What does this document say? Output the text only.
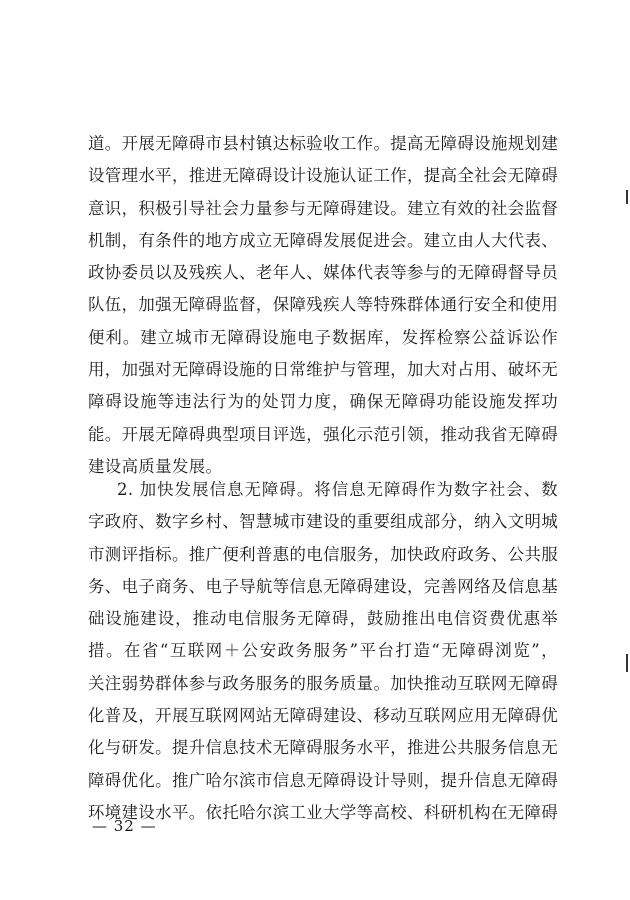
道。开展无障碍市县村镇达标验收工作。提高无障碍设施规划建
设管理水平，推进无障碍设计设施认证工作，提高全社会无障碍
意识，积极引导社会力量参与无障碍建设。建立有效的社会监督
机制，有条件的地方成立无障碍发展促进会。建立由人大代表、
政协委员以及残疾人、老年人、媒体代表等参与的无障碍督导员
队伍，加强无障碍监督，保障残疾人等特殊群体通行安全和使用
便利。建立城市无障碍设施电子数据库，发挥检察公益诉讼作
用，加强对无障碍设施的日常维护与管理，加大对占用、破坏无
障碍设施等违法行为的处罚力度，确保无障碍功能设施发挥功
能。开展无障碍典型项目评选，强化示范引领，推动我省无障碍
建设高质量发展。
2. 加快发展信息无障碍。将信息无障碍作为数字社会、数
字政府、数字乡村、智慧城市建设的重要组成部分，纳入文明城
市测评指标。推广便利普惠的电信服务，加快政府政务、公共服
务、电子商务、电子导航等信息无障碍建设，完善网络及信息基
础设施建设，推动电信服务无障碍，鼓励推出电信资费优惠举
措。在省“互联网＋公安政务服务”平台打造“无障碍浏览”，
关注弱势群体参与政务服务的服务质量。加快推动互联网无障碍
化普及，开展互联网网站无障碍建设、移动互联网应用无障碍优
化与研发。提升信息技术无障碍服务水平，推进公共服务信息无
障碍优化。推广哈尔滨市信息无障碍设计导则，提升信息无障碍
环境建设水平。依托哈尔滨工业大学等高校、科研机构在无障碍
— 32 —
